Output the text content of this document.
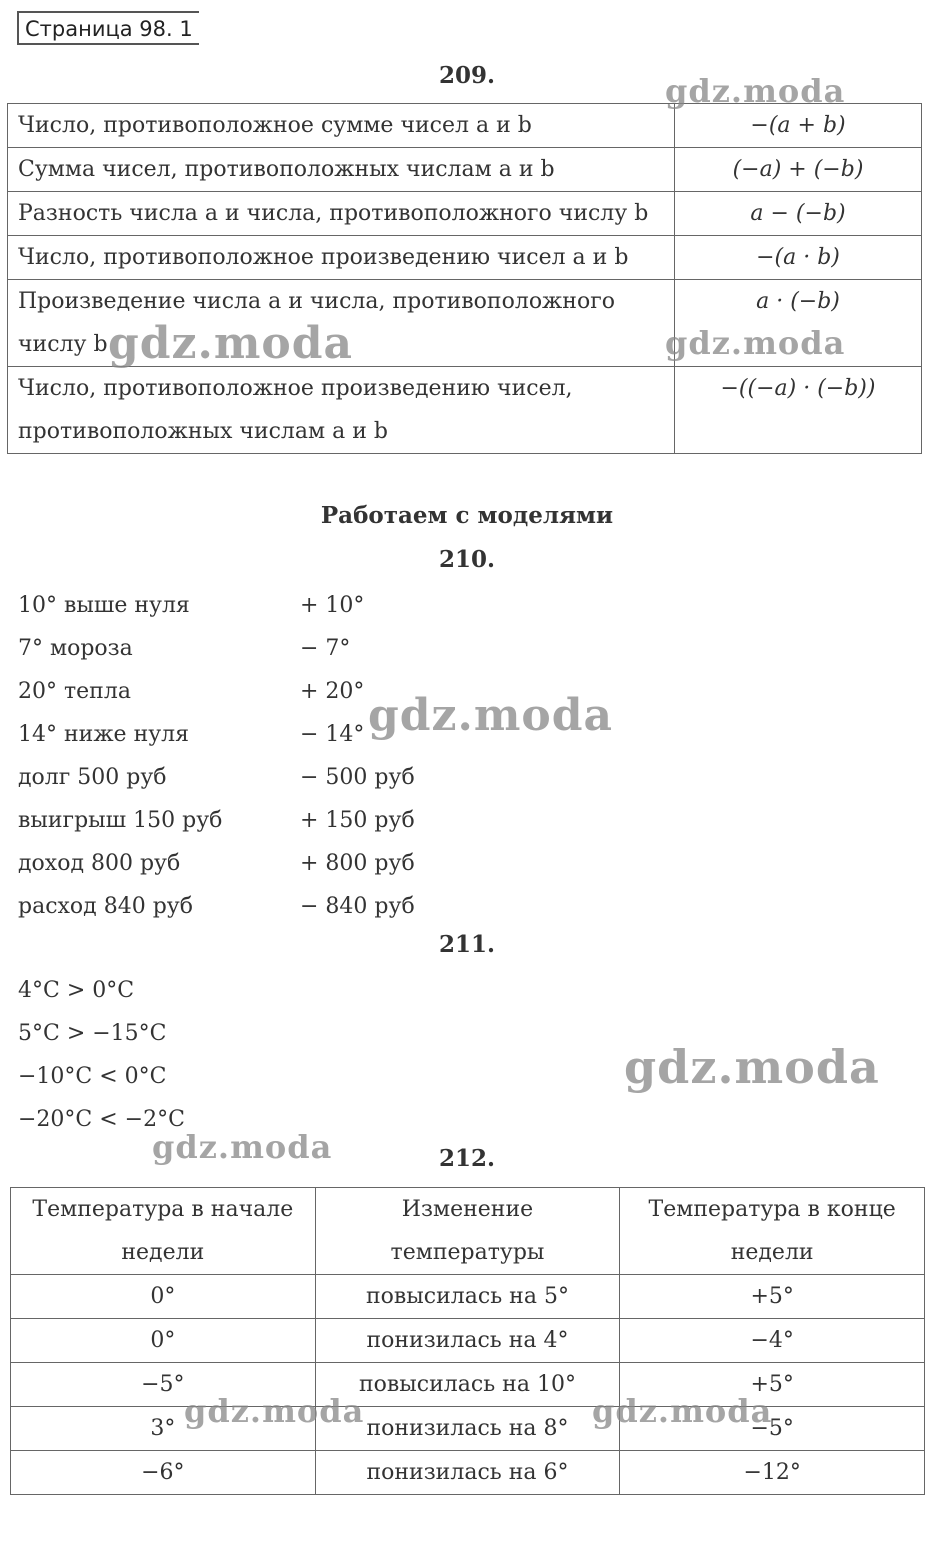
Страница 98. 1
209.
Число, противоположное сумме чисел a и b	−(a + b)
Сумма чисел, противоположных числам a и b	(−a) + (−b)
Разность числа a и числа, противоположного числу b	a − (−b)
Число, противоположное произведению чисел a и b	−(a · b)
Произведение числа a и числа, противоположного числу b	a · (−b)
Число, противоположное произведению чисел, противоположных числам a и b	−((−a) · (−b))
Работаем с моделями
210.
10° выше нуля	+ 10°
7° мороза	− 7°
20° тепла	+ 20°
14° ниже нуля	− 14°
долг 500 руб	− 500 руб
выигрыш 150 руб	+ 150 руб
доход 800 руб	+ 800 руб
расход 840 руб	− 840 руб
211.
4°C > 0°C
5°C > −15°C
−10°C < 0°C
−20°C < −2°C
212.
Температура в начале недели	Изменение температуры	Температура в конце недели
0°	повысилась на 5°	+5°
0°	понизилась на 4°	−4°
−5°	повысилась на 10°	+5°
3°	понизилась на 8°	−5°
−6°	понизилась на 6°	−12°
gdz.moda
gdz.moda	gdz.moda
gdz.moda
gdz.moda
gdz.moda
gdz.moda	gdz.moda
